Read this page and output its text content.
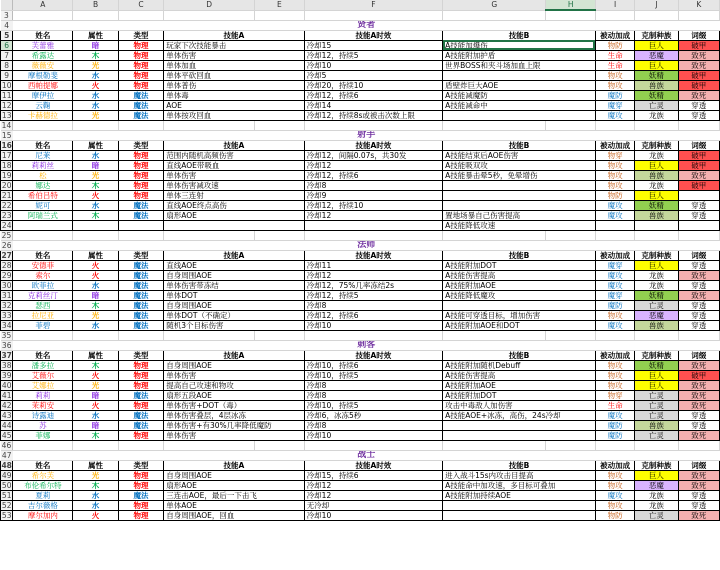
	A	B	C	D	E	F	G	H	I	J	K
3											
4	贤者										
5	姓名	属性	类型	技能A		技能A时效	技能B		被动加成	克制种族	词缀
6	芙蕾雅	暗	物理	玩家下次技能暴击		冷却15	A技能加爆伤		物防	巨人	破甲
7	希露达	木	物理	单体伤害		冷却12，持续5	A技能附加护盾		生命	恶魔	致死
8	薇薇安	光	物理	单体加血		冷却10	世界BOSS和夹斗场加血上限		生命	巨人	致死
9	摩根勒斐	水	物理	单体平砍回血		冷却5			物攻	妖精	破甲
10	西帕提娜	火	物理	单体普伤		冷却20，持续10	盾壁炸巨大AOE		物攻	兽族	破甲
11	摩伊拉	水	魔法	单体毒		冷却12，持续6	A技能减魔防		魔防	妖精	致死
12	云鞠	水	魔法	AOE		冷却14	A技能减命中		魔穿	亡灵	穿透
13	卡赫德拉	光	魔法	单体按攻回血		冷却12，持续8s或被击次数上限			魔攻	龙族	穿透
14											
15	射手										
16	姓名	属性	类型	技能A		技能A时效	技能B		被动加成	克制种族	词缀
17	尼莱	水	物理	范围内随机高频伤害		冷却12，间隔0.07s，共30发	A技能结束后AOE伤害		物穿	龙族	破甲
18	莉莉丝	暗	物理	直线AOE带吸血		冷却12	A技能吸双攻		物攻	巨人	破甲
19	松	光	物理	单体伤害		冷却12，持续6	A技能暴击晕5秒，免晕增伤		物攻	兽族	致死
20	娜达	木	物理	单体伤害减攻速		冷却8			物攻	龙族	破甲
21	希伯吕特	火	物理	单体三连射		冷却9			物防	巨人	
22	妮可	水	魔法	直线AOE终点高伤		冷却12，持续10			魔攻	妖精	穿透
23	阿瑞兰式	木	魔法	扇形AOE		冷却12	置地场暴自己伤害提高		魔攻	兽族	穿透
24							A技能降低攻速				
25											
26	法师										
27	姓名	属性	类型	技能A		技能A时效	技能B		被动加成	克制种族	词缀
28	安德菲	火	魔法	直线AOE		冷却11	A技能附加DOT		魔穿	巨人	穿透
29	索尔	火	魔法	自身周围AOE		冷却12	A技能伤害提高		魔攻	龙族	致死
30	欧菲拉	水	魔法	单体伤害带冻结		冷却12，75%几率冻结2s	A技能附加AOE		魔攻	龙族	穿透
31	克莉丝汀	暗	魔法	单体DOT		冷却12，持续5	A技能降低魔攻		魔穿	妖精	致死
32	瑟西	木	魔法	自身周围AOE		冷却8			魔防	亡灵	穿透
33	拉尼亚	光	魔法	单体DOT（不确定）		冷却12，持续6	A技能可穿透目标，增加伤害		物攻	恶魔	穿透
34	菲碧	水	魔法	随机3个目标伤害		冷却10	A技能附加AOE和DOT		魔攻	兽族	穿透
35											
36	刺客										
37	姓名	属性	类型	技能A		技能A时效	技能B		被动加成	克制种族	词缀
38	潘多拉	木	物理	自身周围AOE		冷却10，持续6	A技能附加随机Debuff		物攻	妖精	致死
39	艾薇尔	火	物理	单体伤害		冷却10，持续5	A技能伤害提高		物攻	巨人	破甲
40	艾娜拉	光	物理	提高自己攻速和物攻		冷却8	A技能附加AOE		物攻	巨人	致死
41	莉莉	暗	魔法	扇形五段AOE		冷却8	A技能附加DOT		物穿	亡灵	致死
42	茉莉安	火	物理	单体伤害+DOT（毒）		冷却10，持续5	攻击中毒敌人加伤害		生命	亡灵	致死
43	诗露迪	水	魔法	单体伤害叠层，4层冰冻		冷却6，冰冻5秒	A技能AOE+冰冻，高伤，24s冷却		魔攻	亡灵	穿透
44	苏	暗	魔法	单体伤害+有30%几率降低魔防		冷却8			魔防	兽族	穿透
45	菲娜	木	物理	单体伤害		冷却10			魔防	亡灵	致死
46											
47	战士										
48	姓名	属性	类型	技能A		技能A时效	技能B		被动加成	克制种族	词缀
49	希尔芙	光	物理	自身周围AOE		冷却15，持续6	进入战斗15s内攻击目提高		物攻	巨人	致死
50	布伦希尔特	木	物理	扇形AOE		冷却12	A技能命中加攻速，多目标可叠加		物攻	恶魔	致死
51	夏莉	水	魔法	三连击AOE，最后一下击飞		冷却12	A技能附加持续AOE		魔攻	龙族	穿透
52	吉尔薇格	水	物理	单体AOE		无冷却			物攻	龙族	穿透
53	摩尔加内	火	物理	自身周围AOE，回血		冷却10			物防	亡灵	致死
